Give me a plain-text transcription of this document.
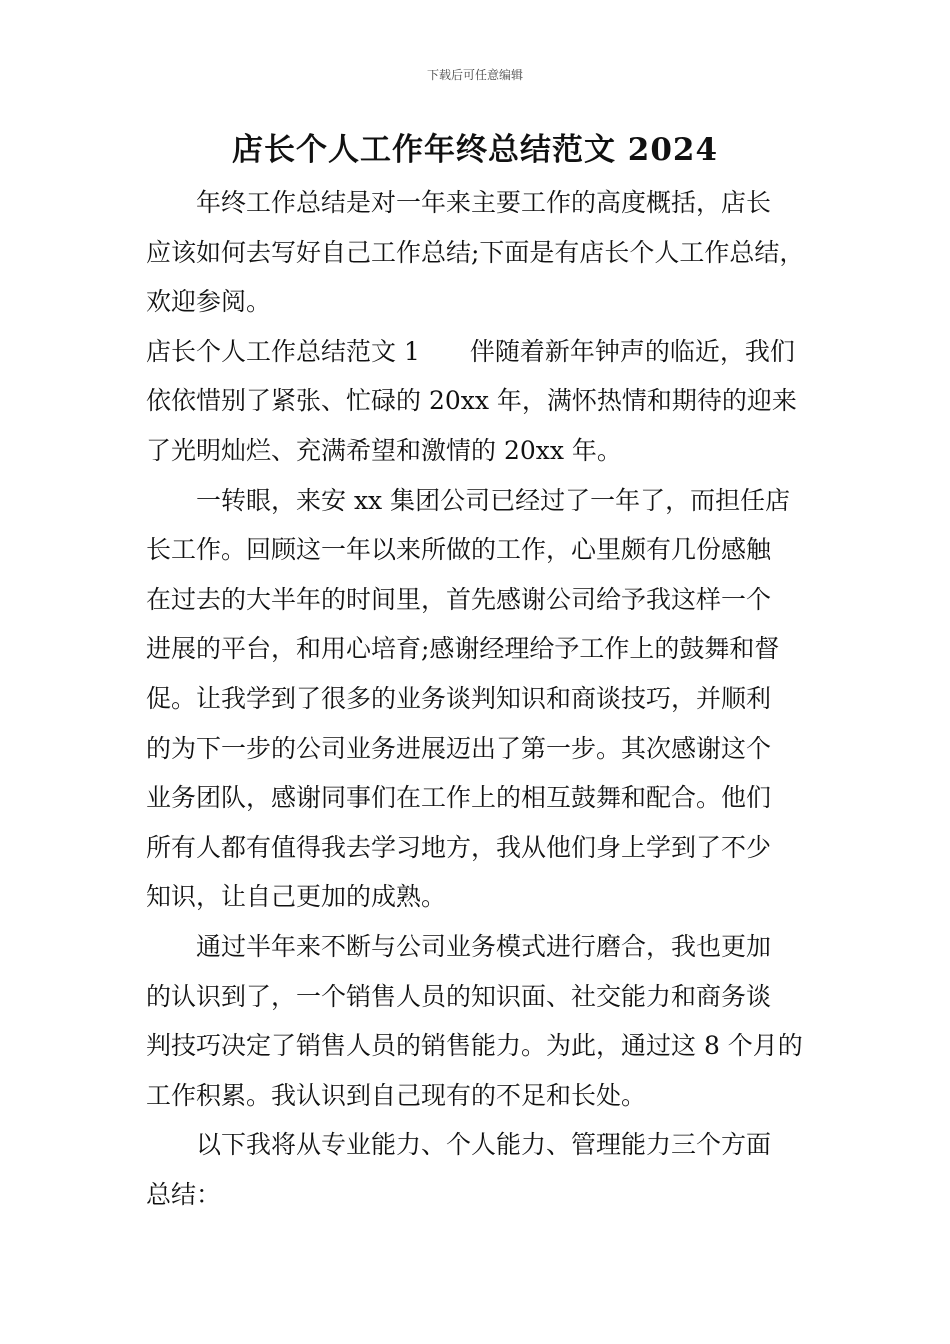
下载后可任意编辑
店长个人工作年终总结范文 2024
　　年终工作总结是对一年来主要工作的高度概括，店长
应该如何去写好自己工作总结;下面是有店长个人工作总结，
欢迎参阅。
店长个人工作总结范文 1　　伴随着新年钟声的临近，我们
依依惜别了紧张、忙碌的 20xx 年，满怀热情和期待的迎来
了光明灿烂、充满希望和激情的 20xx 年。
　　一转眼，来安 xx 集团公司已经过了一年了，而担任店
长工作。回顾这一年以来所做的工作，心里颇有几份感触
在过去的大半年的时间里，首先感谢公司给予我这样一个
进展的平台，和用心培育;感谢经理给予工作上的鼓舞和督
促。让我学到了很多的业务谈判知识和商谈技巧，并顺利
的为下一步的公司业务进展迈出了第一步。其次感谢这个
业务团队，感谢同事们在工作上的相互鼓舞和配合。他们
所有人都有值得我去学习地方，我从他们身上学到了不少
知识，让自己更加的成熟。
　　通过半年来不断与公司业务模式进行磨合，我也更加
的认识到了，一个销售人员的知识面、社交能力和商务谈
判技巧决定了销售人员的销售能力。为此，通过这 8 个月的
工作积累。我认识到自己现有的不足和长处。
　　以下我将从专业能力、个人能力、管理能力三个方面
总结：
